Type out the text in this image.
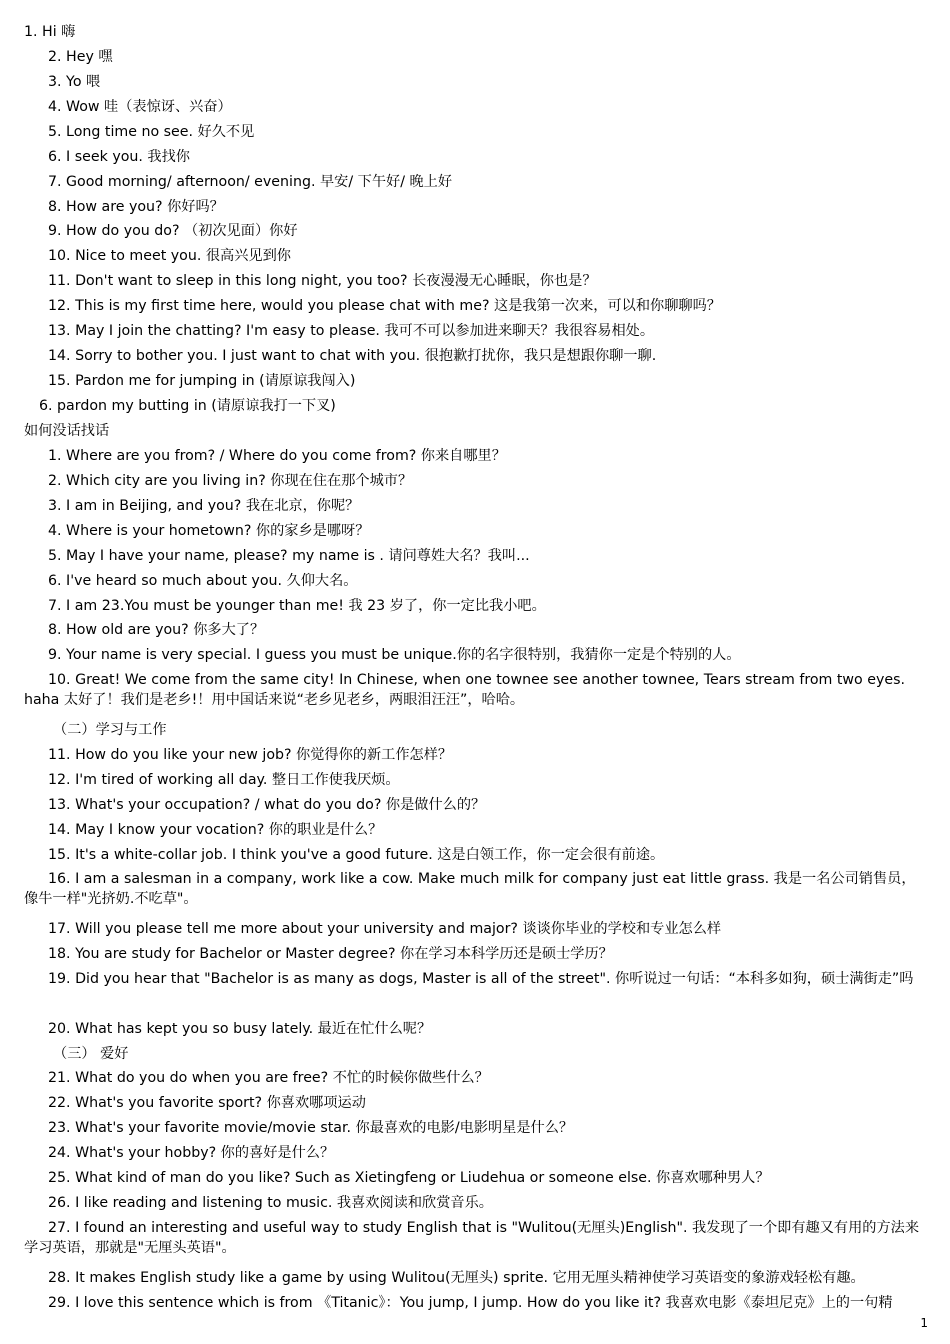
1. Hi 嗨
2. Hey 嘿
3. Yo 喂
4. Wow 哇（表惊讶、兴奋）
5. Long time no see. 好久不见
6. I seek you. 我找你
7. Good morning/ afternoon/ evening. 早安/ 下午好/ 晚上好
8. How are you? 你好吗？
9. How do you do? （初次见面）你好
10. Nice to meet you. 很高兴见到你
11. Don't want to sleep in this long night, you too? 长夜漫漫无心睡眠，你也是？
12. This is my first time here, would you please chat with me? 这是我第一次来，可以和你聊聊吗？
13. May I join the chatting? I'm easy to please. 我可不可以参加进来聊天？我很容易相处。
14. Sorry to bother you. I just want to chat with you. 很抱歉打扰你，我只是想跟你聊一聊.
15. Pardon me for jumping in (请原谅我闯入)
6. pardon my butting in (请原谅我打一下叉)
如何没话找话
1. Where are you from? / Where do you come from? 你来自哪里？
2. Which city are you living in? 你现在住在那个城市？
3. I am in Beijing, and you? 我在北京，你呢？
4. Where is your hometown? 你的家乡是哪呀？
5. May I have your name, please? my name is . 请问尊姓大名？我叫...
6. I've heard so much about you. 久仰大名。
7. I am 23.You must be younger than me! 我 23 岁了，你一定比我小吧。
8. How old are you? 你多大了？
9. Your name is very special. I guess you must be unique.你的名字很特别，我猜你一定是个特别的人。
10. Great! We come from the same city! In Chinese, when one townee see another townee, Tears stream from two eyes. haha 太好了！我们是老乡!！用中国话来说“老乡见老乡，两眼泪汪汪”，哈哈。
（二）学习与工作
11. How do you like your new job? 你觉得你的新工作怎样？
12. I'm tired of working all day. 整日工作使我厌烦。
13. What's your occupation? / what do you do? 你是做什么的？
14. May I know your vocation? 你的职业是什么？
15. It's a white-collar job. I think you've a good future. 这是白领工作，你一定会很有前途。
16. I am a salesman in a company, work like a cow. Make much milk for company just eat little grass. 我是一名公司销售员，像牛一样"光挤奶.不吃草"。
17. Will you please tell me more about your university and major? 谈谈你毕业的学校和专业怎么样
18. You are study for Bachelor or Master degree? 你在学习本科学历还是硕士学历？
19. Did you hear that "Bachelor is as many as dogs, Master is all of the street". 你听说过一句话：“本科多如狗，硕士满街走”吗
20. What has kept you so busy lately. 最近在忙什么呢？
（三） 爱好
21. What do you do when you are free? 不忙的时候你做些什么？
22. What's you favorite sport? 你喜欢哪项运动
23. What's your favorite movie/movie star. 你最喜欢的电影/电影明星是什么？
24. What's your hobby? 你的喜好是什么？
25. What kind of man do you like? Such as Xietingfeng or Liudehua or someone else. 你喜欢哪种男人？
26. I like reading and listening to music. 我喜欢阅读和欣赏音乐。
27. I found an interesting and useful way to study English that is "Wulitou(无厘头)English". 我发现了一个即有趣又有用的方法来学习英语，那就是"无厘头英语"。
28. It makes English study like a game by using Wulitou(无厘头) sprite. 它用无厘头精神使学习英语变的象游戏轻松有趣。
29. I love this sentence which is from 《Titanic》：You jump, I jump. How do you like it? 我喜欢电影《泰坦尼克》上的一句精
1
